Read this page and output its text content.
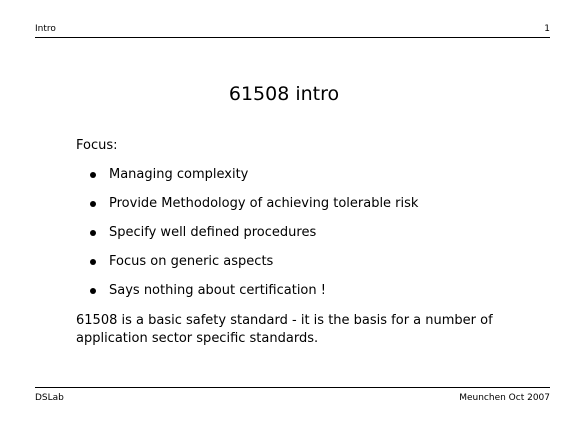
Intro	1
61508 intro
Focus:
Managing complexity
Provide Methodology of achieving tolerable risk
Specify well defined procedures
Focus on generic aspects
Says nothing about certification !
61508 is a basic safety standard - it is the basis for a number of application sector specific standards.
DSLab	Meunchen Oct 2007
